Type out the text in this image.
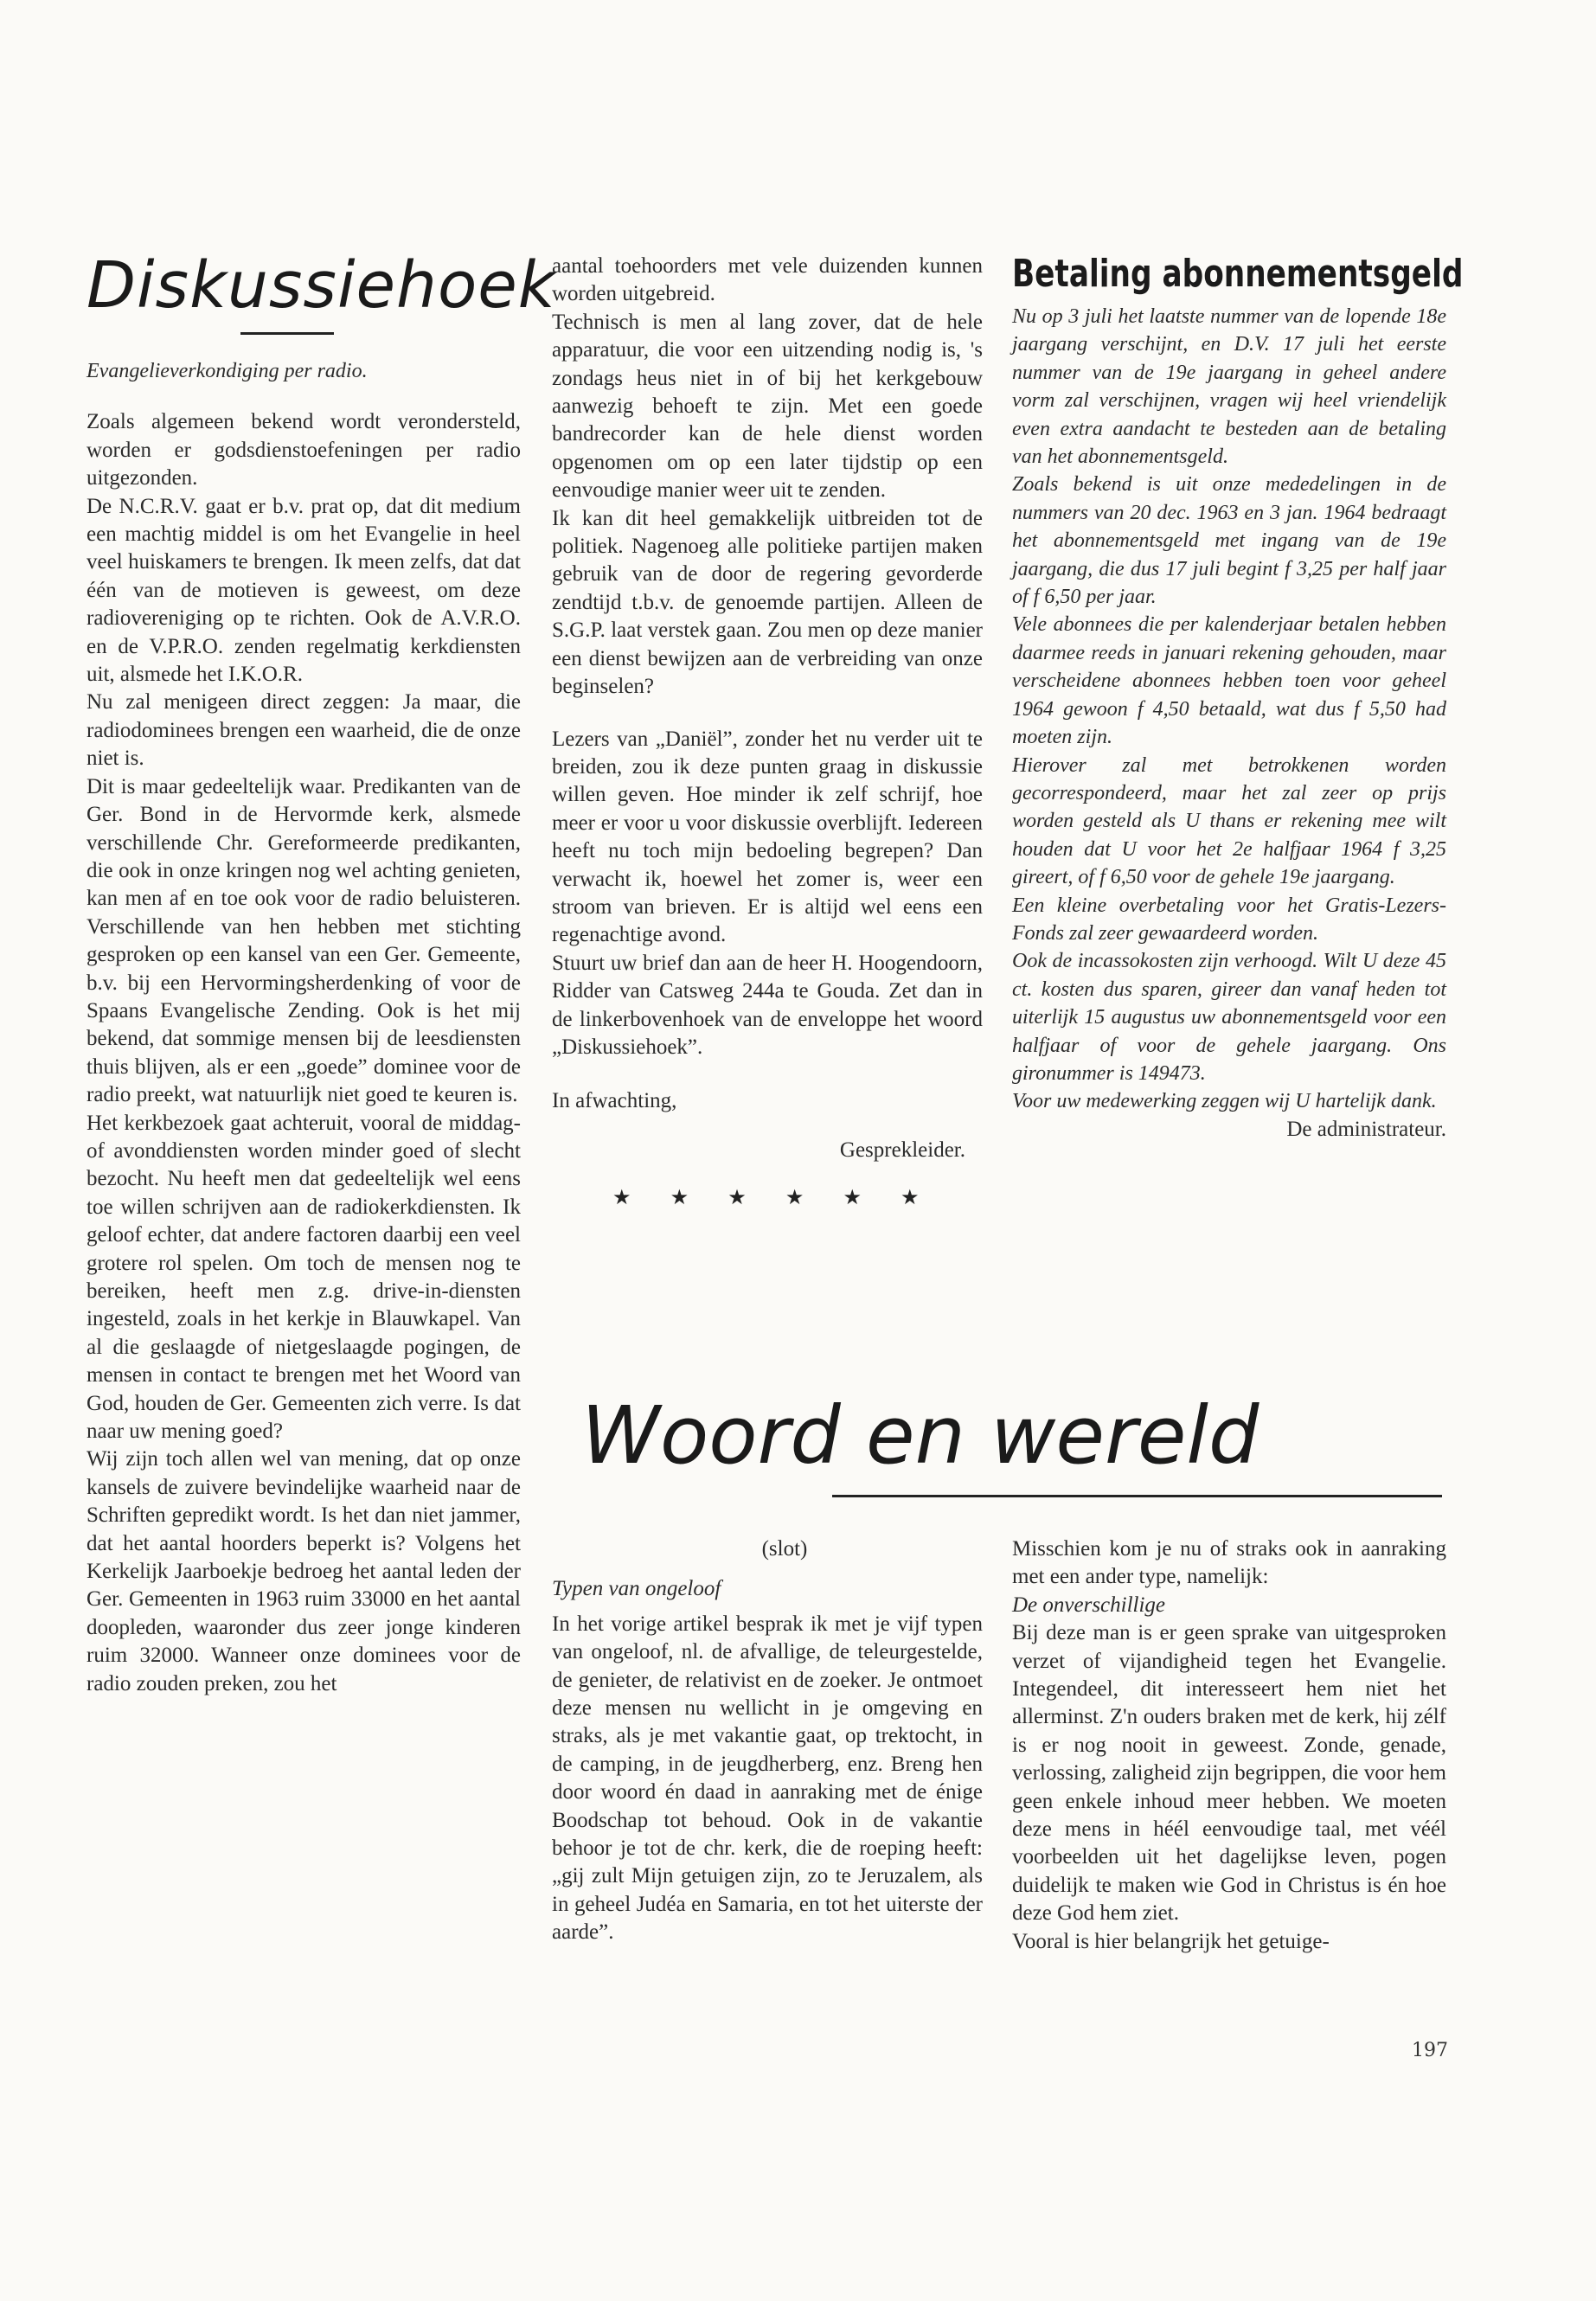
Diskussiehoek
Evangelieverkondiging per radio.

Zoals algemeen bekend wordt verondersteld, worden er godsdienstoefeningen per radio uitgezonden.

De N.C.R.V. gaat er b.v. prat op, dat dit medium een machtig middel is om het Evangelie in heel veel huiskamers te brengen. Ik meen zelfs, dat dat één van de motieven is geweest, om deze radiovereniging op te richten. Ook de A.V.R.O. en de V.P.R.O. zenden regelmatig kerkdiensten uit, alsmede het I.K.O.R.

Nu zal menigeen direct zeggen: Ja maar, die radiodominees brengen een waarheid, die de onze niet is.

Dit is maar gedeeltelijk waar. Predikanten van de Ger. Bond in de Hervormde kerk, alsmede verschillende Chr. Gereformeerde predikanten, die ook in onze kringen nog wel achting genieten, kan men af en toe ook voor de radio beluisteren. Verschillende van hen hebben met stichting gesproken op een kansel van een Ger. Gemeente, b.v. bij een Hervormingsherdenking of voor de Spaans Evangelische Zending. Ook is het mij bekend, dat sommige mensen bij de leesdiensten thuis blijven, als er een „goede” dominee voor de radio preekt, wat natuurlijk niet goed te keuren is.

Het kerkbezoek gaat achteruit, vooral de middag- of avonddiensten worden minder goed of slecht bezocht. Nu heeft men dat gedeeltelijk wel eens toe willen schrijven aan de radiokerkdiensten. Ik geloof echter, dat andere factoren daarbij een veel grotere rol spelen. Om toch de mensen nog te bereiken, heeft men z.g. drive-in-diensten ingesteld, zoals in het kerkje in Blauwkapel. Van al die geslaagde of nietgeslaagde pogingen, de mensen in contact te brengen met het Woord van God, houden de Ger. Gemeenten zich verre. Is dat naar uw mening goed?

Wij zijn toch allen wel van mening, dat op onze kansels de zuivere bevindelijke waarheid naar de Schriften gepredikt wordt. Is het dan niet jammer, dat het aantal hoorders beperkt is? Volgens het Kerkelijk Jaarboekje bedroeg het aantal leden der Ger. Gemeenten in 1963 ruim 33000 en het aantal doopleden, waaronder dus zeer jonge kinderen ruim 32000. Wanneer onze dominees voor de radio zouden preken, zou het

aantal toehoorders met vele duizenden kunnen worden uitgebreid.

Technisch is men al lang zover, dat de hele apparatuur, die voor een uitzending nodig is, 's zondags heus niet in of bij het kerkgebouw aanwezig behoeft te zijn. Met een goede bandrecorder kan de hele dienst worden opgenomen om op een later tijdstip op een eenvoudige manier weer uit te zenden.

Ik kan dit heel gemakkelijk uitbreiden tot de politiek. Nagenoeg alle politieke partijen maken gebruik van de door de regering gevorderde zendtijd t.b.v. de genoemde partijen. Alleen de S.G.P. laat verstek gaan. Zou men op deze manier een dienst bewijzen aan de verbreiding van onze beginselen?

Lezers van „Daniël”, zonder het nu verder uit te breiden, zou ik deze punten graag in diskussie willen geven. Hoe minder ik zelf schrijf, hoe meer er voor u voor diskussie overblijft. Iedereen heeft nu toch mijn bedoeling begrepen? Dan verwacht ik, hoewel het zomer is, weer een stroom van brieven. Er is altijd wel eens een regenachtige avond.

Stuurt uw brief dan aan de heer H. Hoogendoorn, Ridder van Catsweg 244a te Gouda. Zet dan in de linkerbovenhoek van de enveloppe het woord „Diskussiehoek”.

In afwachting,
Gesprekleider.
★ ★ ★ ★ ★ ★
Betaling abonnementsgeld

Nu op 3 juli het laatste nummer van de lopende 18e jaargang verschijnt, en D.V. 17 juli het eerste nummer van de 19e jaargang in geheel andere vorm zal verschijnen, vragen wij heel vriendelijk even extra aandacht te besteden aan de betaling van het abonnementsgeld.

Zoals bekend is uit onze mededelingen in de nummers van 20 dec. 1963 en 3 jan. 1964 bedraagt het abonnementsgeld met ingang van de 19e jaargang, die dus 17 juli begint f 3,25 per half jaar of f 6,50 per jaar.

Vele abonnees die per kalenderjaar betalen hebben daarmee reeds in januari rekening gehouden, maar verscheidene abonnees hebben toen voor geheel 1964 gewoon f 4,50 betaald, wat dus f 5,50 had moeten zijn.

Hierover zal met betrokkenen worden gecorrespondeerd, maar het zal zeer op prijs worden gesteld als U thans er rekening mee wilt houden dat U voor het 2e halfjaar 1964 f 3,25 gireert, of f 6,50 voor de gehele 19e jaargang.

Een kleine overbetaling voor het Gratis-Lezers-Fonds zal zeer gewaardeerd worden.

Ook de incassokosten zijn verhoogd. Wilt U deze 45 ct. kosten dus sparen, gireer dan vanaf heden tot uiterlijk 15 augustus uw abonnementsgeld voor een halfjaar of voor de gehele jaargang. Ons gironummer is 149473.

Voor uw medewerking zeggen wij U hartelijk dank.

De administrateur.
Woord en wereld
(slot)
Typen van ongeloof
In het vorige artikel besprak ik met je vijf typen van ongeloof, nl. de afvallige, de teleurgestelde, de genieter, de relativist en de zoeker. Je ontmoet deze mensen nu wellicht in je omgeving en straks, als je met vakantie gaat, op trektocht, in de camping, in de jeugdherberg, enz. Breng hen door woord én daad in aanraking met de énige Boodschap tot behoud. Ook in de vakantie behoor je tot de chr. kerk, die de roeping heeft: „gij zult Mijn getuigen zijn, zo te Jeruzalem, als in geheel Judéa en Samaria, en tot het uiterste der aarde”.
Misschien kom je nu of straks ook in aanraking met een ander type, namelijk:
De onverschillige
Bij deze man is er geen sprake van uitgesproken verzet of vijandigheid tegen het Evangelie. Integendeel, dit interesseert hem niet het allerminst. Z'n ouders braken met de kerk, hij zélf is er nog nooit in geweest. Zonde, genade, verlossing, zaligheid zijn begrippen, die voor hem geen enkele inhoud meer hebben. We moeten deze mens in héél eenvoudige taal, met véél voorbeelden uit het dagelijkse leven, pogen duidelijk te maken wie God in Christus is én hoe deze God hem ziet.
Vooral is hier belangrijk het getuige-
197
